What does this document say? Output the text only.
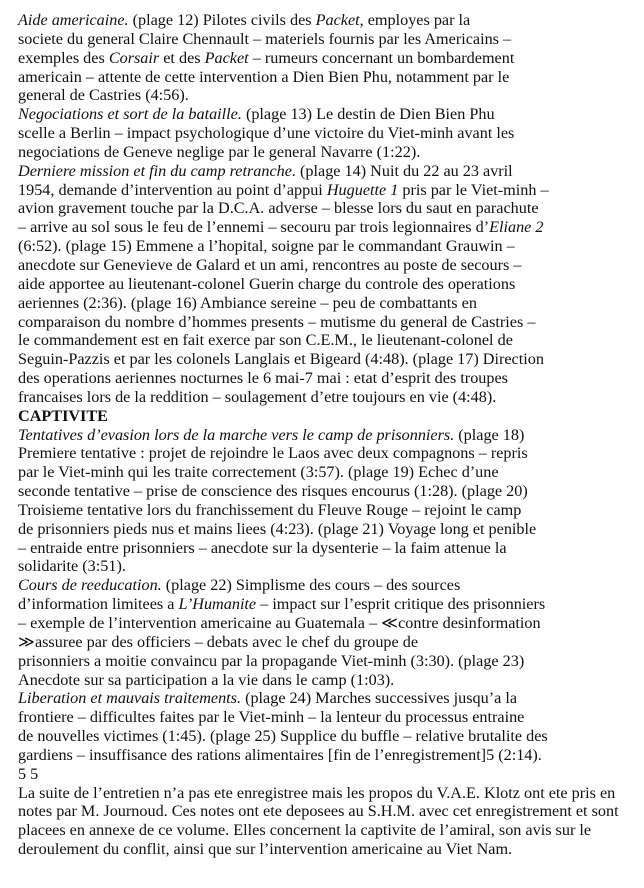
Aide americaine. (plage 12) Pilotes civils des Packet, employes par la
societe du general Claire Chennault – materiels fournis par les Americains –
exemples des Corsair et des Packet – rumeurs concernant un bombardement
americain – attente de cette intervention a Dien Bien Phu, notamment par le
general de Castries (4:56).
Negociations et sort de la bataille. (plage 13) Le destin de Dien Bien Phu
scelle a Berlin – impact psychologique d’une victoire du Viet-minh avant les
negociations de Geneve neglige par le general Navarre (1:22).
Derniere mission et fin du camp retranche. (plage 14) Nuit du 22 au 23 avril
1954, demande d’intervention au point d’appui Huguette 1 pris par le Viet-minh –
avion gravement touche par la D.C.A. adverse – blesse lors du saut en parachute
– arrive au sol sous le feu de l’ennemi – secouru par trois legionnaires d’Eliane 2
(6:52). (plage 15) Emmene a l’hopital, soigne par le commandant Grauwin –
anecdote sur Genevieve de Galard et un ami, rencontres au poste de secours –
aide apportee au lieutenant-colonel Guerin charge du controle des operations
aeriennes (2:36). (plage 16) Ambiance sereine – peu de combattants en
comparaison du nombre d’hommes presents – mutisme du general de Castries –
le commandement est en fait exerce par son C.E.M., le lieutenant-colonel de
Seguin-Pazzis et par les colonels Langlais et Bigeard (4:48). (plage 17) Direction
des operations aeriennes nocturnes le 6 mai-7 mai : etat d’esprit des troupes
francaises lors de la reddition – soulagement d’etre toujours en vie (4:48).
CAPTIVITE
Tentatives d’evasion lors de la marche vers le camp de prisonniers. (plage 18)
Premiere tentative : projet de rejoindre le Laos avec deux compagnons – repris
par le Viet-minh qui les traite correctement (3:57). (plage 19) Echec d’une
seconde tentative – prise de conscience des risques encourus (1:28). (plage 20)
Troisieme tentative lors du franchissement du Fleuve Rouge – rejoint le camp
de prisonniers pieds nus et mains liees (4:23). (plage 21) Voyage long et penible
– entraide entre prisonniers – anecdote sur la dysenterie – la faim attenue la
solidarite (3:51).
Cours de reeducation. (plage 22) Simplisme des cours – des sources
d’information limitees a L’Humanite – impact sur l’esprit critique des prisonniers
– exemple de l’intervention americaine au Guatemala – ≪contre desinformation
≫assuree par des officiers – debats avec le chef du groupe de
prisonniers a moitie convaincu par la propagande Viet-minh (3:30). (plage 23)
Anecdote sur sa participation a la vie dans le camp (1:03).
Liberation et mauvais traitements. (plage 24) Marches successives jusqu’a la
frontiere – difficultes faites par le Viet-minh – la lenteur du processus entraine
de nouvelles victimes (1:45). (plage 25) Supplice du buffle – relative brutalite des
gardiens – insuffisance des rations alimentaires [fin de l’enregistrement]5 (2:14).
5 5
La suite de l’entretien n’a pas ete enregistree mais les propos du V.A.E. Klotz ont ete pris en
notes par M. Journoud. Ces notes ont ete deposees au S.H.M. avec cet enregistrement et sont
placees en annexe de ce volume. Elles concernent la captivite de l’amiral, son avis sur le
deroulement du conflit, ainsi que sur l’intervention americaine au Viet Nam.
